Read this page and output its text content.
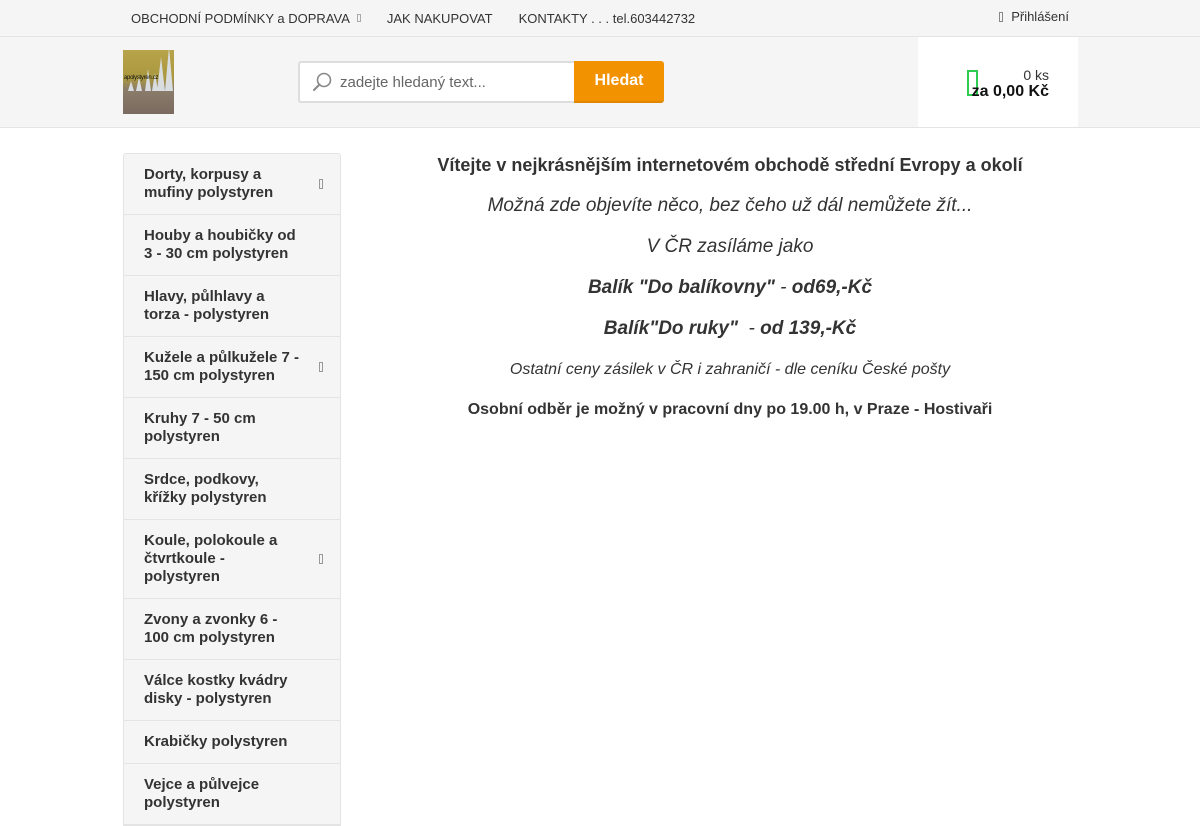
OBCHODNÍ PODMÍNKY a DOPRAVA	JAK NAKUPOVAT KONTAKTY . . . tel.603442732	Přihlášení
apolystyren.cz
zadejte hledaný text...	Hledat	0 ks
za 0,00 Kč
Dorty, korpusy a mufiny polystyren
Houby a houbičky od 3 - 30 cm polystyren
Hlavy, půlhlavy a torza - polystyren
Kužele a půlkužele 7 - 150 cm polystyren
Kruhy 7 - 50 cm polystyren
Srdce, podkovy, křížky polystyren
Koule, polokoule a čtvrtkoule - polystyren
Zvony a zvonky 6 - 100 cm polystyren
Válce kostky kvádry disky - polystyren
Krabičky polystyren
Vejce a půlvejce polystyren

Vítejte v nejkrásnějším internetovém obchodě střední Evropy a okolí

Možná zde objevíte něco, bez čeho už dál nemůžete žít...

V ČR zasíláme jako

Balík "Do balíkovny" - od69,-Kč

Balík"Do ruky"  - od 139,-Kč

Ostatní ceny zásilek v ČR i zahraničí - dle ceníku České pošty

Osobní odběr je možný v pracovní dny po 19.00 h, v Praze - Hostivaři
